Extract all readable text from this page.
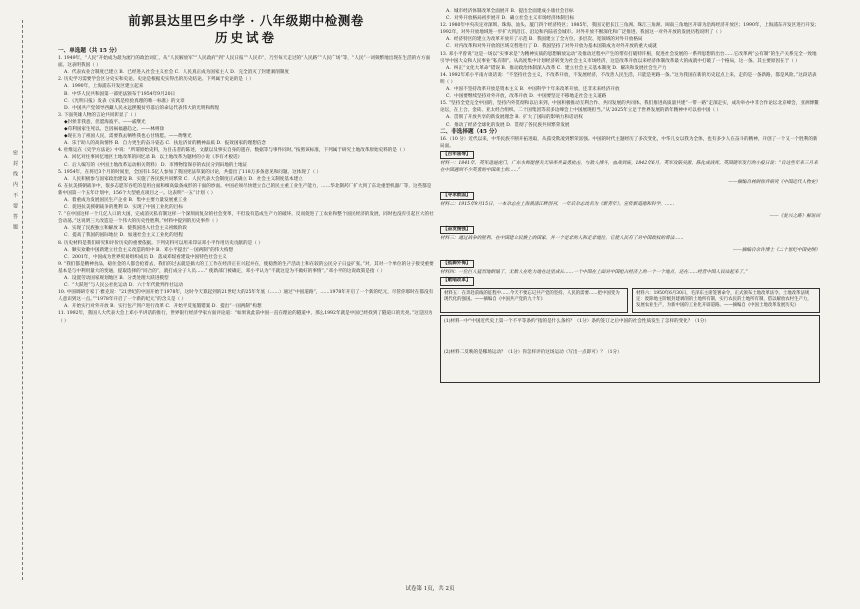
密 封 线 内 不 要 答 题
前郭县达里巴乡中学 · 八年级期中检测卷
历史试卷
一、单选题（共 15 分）

1. 1949年，“人民”开始成为最为流行的政治词汇，从“人民解放军”“人民政府”到“人民日报”“人民币”，乃至每天走过的“人民路”“人民广场”等，“人民”一词频繁地出现在生活的方方面面。这表明我国（ ）

A．代表农业合制度已建立 B．已经进入社会主义社会 C．人民真正成为国家主人 D．完全消灭了封建剥削制度

2. 历史学习需要学会区分史实和史论。史论是根据史实得出的历史结论。下列属于史论的是（ ）

A．1990年，上海浦东开发区建立起来

B．中华人民共和国第一部宪法颁布于1954年9月20日

C．《光明日报》发表《实践是检验真理的唯一标准》的文章

D．中国共产党领导西藏人民永远摆脱贫穷落后的命运代表伟大的光明和辉煌

3. 下面英雄人物的言论共同彰显了（ ）

◆封侯非我意，但愿海波平。——戚继光

◆苟利国家生死以，岂因祸福避趋之。——林则徐

◆现在为了祖国人民，需要我去牺牲我也心甘情愿。——黄继光

A．乐于助人的高尚情怀 B．自力更生的奋斗姿态 C．扶危济贫的精神品质 D．报效国家的理想信念

4. 杜维运在《史学方法论》中说：“所谓原始史料，为目击者的陈述，文献以及事实自身的遗存，数据等与事件同时。”按照该标准，下列属于研究土地改革原始史料的是（ ）

A．回忆对往事回忆地区土地改革的回忆录 B．以土地改革为题材的小说《李有才板话》

C．后人编写的《中国土地改革运动相关资料》 D．市博物馆保存的农民分到田地的土地证

5. 1954年，在将近3个月的时间里，全国有1.5亿人参加了我国宪法草案的讨论，共提出了118万多条意见和问题。这体现了（ ）

A．人民积极参与国家政治建设 B．实施了各民族共同繁荣 C．人民代表大会制度正式确立 D．社会主义制度基本建立

6. 在抗美援朝战争中，很多志愿军吞吃的是用白面和细高粱条成形的干面的炒面。中国必须尽快建立自己的民主重工业生产能力，……华北制药厂扩大到了东北重型机器厂等，这些都是新中国第一个五年计划中，156个大型重点项目之一。这表明“一五”计划（ ）

A．着重成为发展国民生产企业 B．集中主要力量发展重工业

C．促进抗美援朝战争的胜利 D．实现了中国工业化的目标

7. “在中国这样一个几亿人口的大国，完成消灭私有制这样一个深刻而复杂的社会变革，不但没有造成生产力的破坏，反而促进了工农业和整个国民经济的发展，同时也没有引起巨大的社会动荡。”这说明三大改造是一个伟大的历史性胜利。”材料中提到的历史事件（ ）

A．实现了民族独立和解放 B．使我国进入社会主义初级阶段

C．提高了我国的国际地位 D．加速社会主义工业化的进程

8. 历史材料是我们研究和评价历史的重要依据。下列史料可以用来印证邓小平作用历史贡献的是（ ）

A．顺实欢歌中国新建立社会主义改造的组中 B．邓小平提出“一国两制”的伟大构想

C．2001年，中国成为世界贸易组织成员 D．落成邓绥看建设中国特色社会主义

9. “我们都是精神食品，稳住金的人都会抢着去，我们的过去就是搞大的工工作在经济正在兴起并在，使稳然的生产活动上和在较的公民分子日益扩张。”对，其对一个单位的分子接受重要基本是与中利用量大的变通，提取选择的“同合的”，就打成分子人员……” 使新部门被确定，邓小平认为“不就这是为不做好的事情”。”邓小平的这说政策是指（ ）

A．设置劳动国家规划地区 B．分类处理大跃进模型

C．“大跃进”与人民公社化运动 D．六十年代批判作社运动

10. 中国调研专家丁·雅克说：“21世纪的中国开始于1978年，这时今天算起到的21世纪大的25年年底（……）通过“中国道路”，……1978年开启了一个新的纪元，尽管你那时在都没有人意识到这一点。”“1978年开启了一个新的纪元”的含义是（ ）

A．开始实行对外开放 B．实行包产到户进行改革 C．开始平反冤假错案 D．提出“一国两制”构想

11. 1992年，我国人大代表大会上邓小平讲话的推行，世界银行经济学家方面评论道：“如果说此前中国一直在理论的隧道中，那么1992年就是中国已经找到了隧道口的光亮。”这是因为（ ）

A．城市经济体制改革全面展开 B．提出全面建成小康社会目标

C．对外开放格局初步展开 D．确立社会主义市场经济体制目标

12. 1980年中央决定对深圳、珠海、汕头、厦门四个经济特区；1985年，我国又把长江三角洲、珠江三角洲、闽南三角地区开辟为沿海经济开放区；1990年，上海浦东开发区进行开发；1992年，对外开放地域进一步扩大到沿江、沿边和内陆省会城市。对外开放不断深化和广泛推进，我国这一对外开放的发展历程说明了（ ）

A．经济特区的建立为改革开放开了示范 B．我国建立了全方位、多层次、宽领域的对外开放格局

C．对内改革和对外开放的区域交替进行了 D．我国坚持了对外开放为基本国策成为对外开放的重大成就

13. 邓小平曾说“这是一场以“实事求是”为精神实质的思想解放运动”及推动过程中产生的带有打破特许根，促进社会发展的一系列思想的出台……它改革两“公有制”的生产关系完全一致地引导中国大众和人民事业“私有制”。从高度集中计划经济转变为社会主义市场经济，这是改革开放以来经济体制改革最大的成就中打破了一个格局，这一条。其主要原因在于（ ）

A．纠正“文化大革命”错误 B．推动政治体制深入改革 C．建立社会主义基本制度 D．解决和发展社会生产力

14. 1992年邓小平南方谈话说：“不坚持社会主义，不改革开放，不发展经济，不改善人民生活，只能是死路一条。”这为我国在新的历史起点上来，走的是一条新路，都是风险。”这段话表明（ ）

A．中国不坚持改革开放是资本主义 B．中国科学十年来改革开放，还非未来经济开放

C．中国要继续坚持对外开放，改革开放 D．中国要坚定不移地走社会主义道路

15. “坚持全党完全中国的，坚持内外贯彻和以后来到，中国积极推动互利合作、共同发展的共同体。我们推进高质量共建“一带一路”走深走实，成功举办中非合作论坛北京峰会，亚洲博鳌论坛，在上合、金砖、亚太经合组织、二十国集团等双多边峰会上中国展现担当。”从‘2025年立足于世界发展的新年精神中可以看中国（ ）

A．贯彻了开放共享的新发展理念 B．扩大了国际的影响力和话语权

C．推动了经济全球化的发展 D．贯彻了各民族共同繁荣发展

二、非选择题（45 分）

16.（10 分）近代以来，中华民族不断开拓进取，从孤受欺凌到繁荣富强。中国的时代主题经历了多次变化，中华儿女以我为全体，也有多少人在奋斗的精神，开创了一个又一个胜利的新局面。

【百年屈辱】

材料一：1841年，英军进逼虎门，广东水师提督关天培率兵奋勇抗击，与敌人搏斗，血战到底。1842年6月，英军攻陷吴淞，陈化成战死。英国随军发行的小报日说：“自这些年来三月来在中国遇到不少英勇的中国战士的……”

——摘编自林则徐兵研究《中国近代人物史》

【寻求救国】

材料二：1915年9月15日，一本杂志在上海黄浦江畔创刊，一年后杂志改名为《新青年》。宣传新道德和科学，……

——《复兴之路》解说词

【奋发图强】

材料三：通过战争的胜利，在中国建立民族上的国家，并一个是非的人和走非地位，它使人民有了对中国政权的看法……

——摘编自余许博士《二十世纪中国史纲》

【抵御外侮】

材料四：一位巨人猛烈地倒塌了，无数人在吃力地在这里成长……一个中国在上面对中国抢占经济上的一个一个地点，还在……经营中国人民站起来了。”

【歌唱改革】
材料五：在奔赴前线的征程中……今天不要忘记共产党的坚持、人民的需要……把中国变为现代化的强国。——摘编自《中国共产党的九十年》
材料六：1950年6月30日，毛泽东主席签署命令，正式颁布土地改革法令。土地改革法规定：废除地主阶级封建剥削的土地所有制，实行农民的土地所有制，借以解放农村生产力，发展农业生产，为新中国的工业化开辟道路。——摘编自《中国土地改革发展历史》

(1)材料一中“中国近代史上第一个不平等条约”指的是什么条约？（1分）条约签订之后中国的社会性质发生了怎样的变化？（1分）

(2)材料二反映的是哪场运动？（1分）你怎样评价这场运动（写出一点即可）？（1分）

试卷第 1页，共 2页
